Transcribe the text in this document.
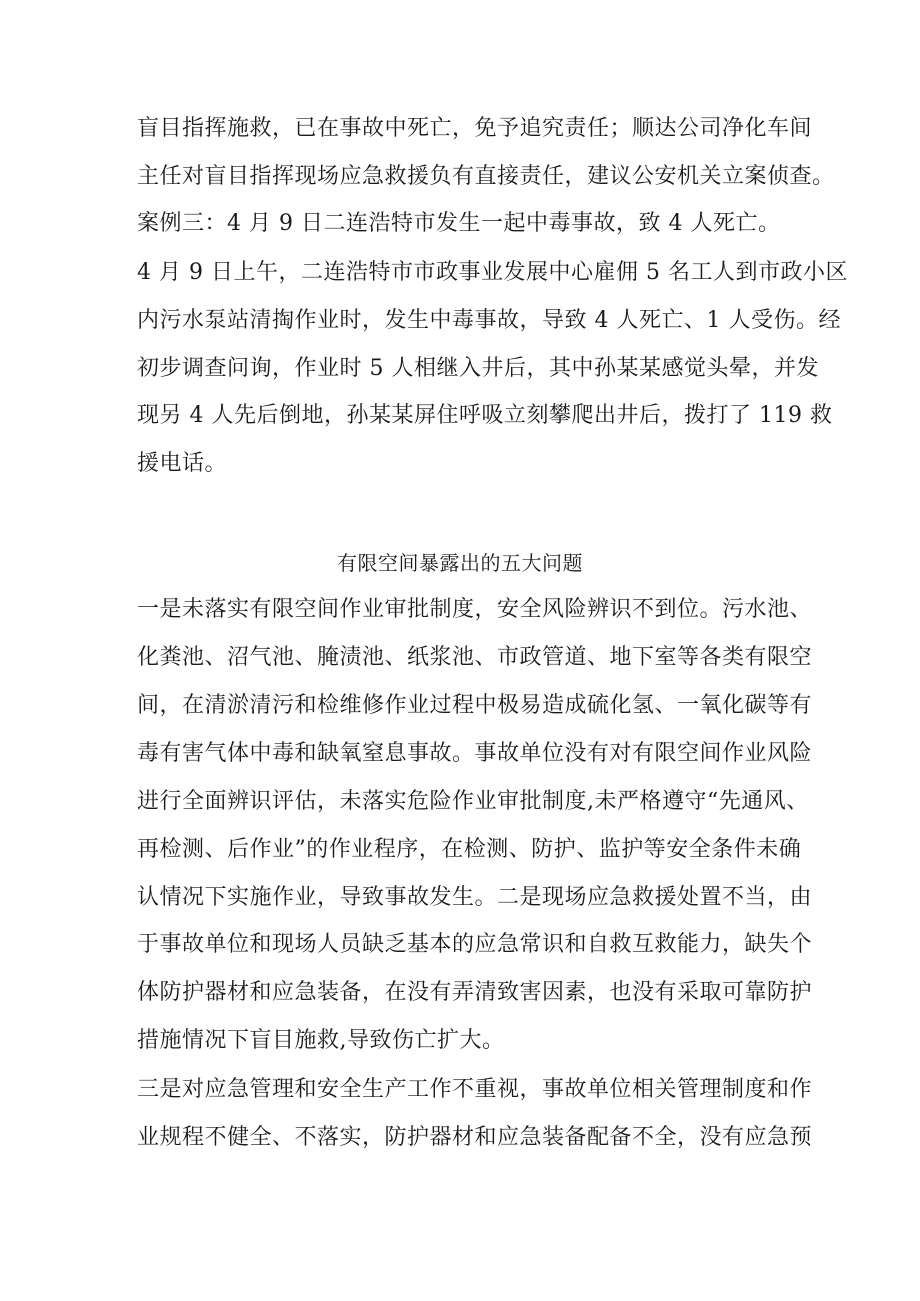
盲目指挥施救，已在事故中死亡，免予追究责任；顺达公司净化车间
主任对盲目指挥现场应急救援负有直接责任，建议公安机关立案侦查。
案例三：4 月 9 日二连浩特市发生一起中毒事故，致 4 人死亡。
4 月 9 日上午，二连浩特市市政事业发展中心雇佣 5 名工人到市政小区
内污水泵站清掏作业时，发生中毒事故，导致 4 人死亡、1 人受伤。经
初步调查问询，作业时 5 人相继入井后，其中孙某某感觉头晕，并发
现另 4 人先后倒地，孙某某屏住呼吸立刻攀爬出井后，拨打了 119 救
援电话。
有限空间暴露出的五大问题
一是未落实有限空间作业审批制度，安全风险辨识不到位。污水池、
化粪池、沼气池、腌渍池、纸浆池、市政管道、地下室等各类有限空
间，在清淤清污和检维修作业过程中极易造成硫化氢、一氧化碳等有
毒有害气体中毒和缺氧窒息事故。事故单位没有对有限空间作业风险
进行全面辨识评估，未落实危险作业审批制度,未严格遵守“先通风、
再检测、后作业”的作业程序，在检测、防护、监护等安全条件未确
认情况下实施作业，导致事故发生。二是现场应急救援处置不当，由
于事故单位和现场人员缺乏基本的应急常识和自救互救能力，缺失个
体防护器材和应急装备，在没有弄清致害因素，也没有采取可靠防护
措施情况下盲目施救,导致伤亡扩大。
三是对应急管理和安全生产工作不重视，事故单位相关管理制度和作
业规程不健全、不落实，防护器材和应急装备配备不全，没有应急预
